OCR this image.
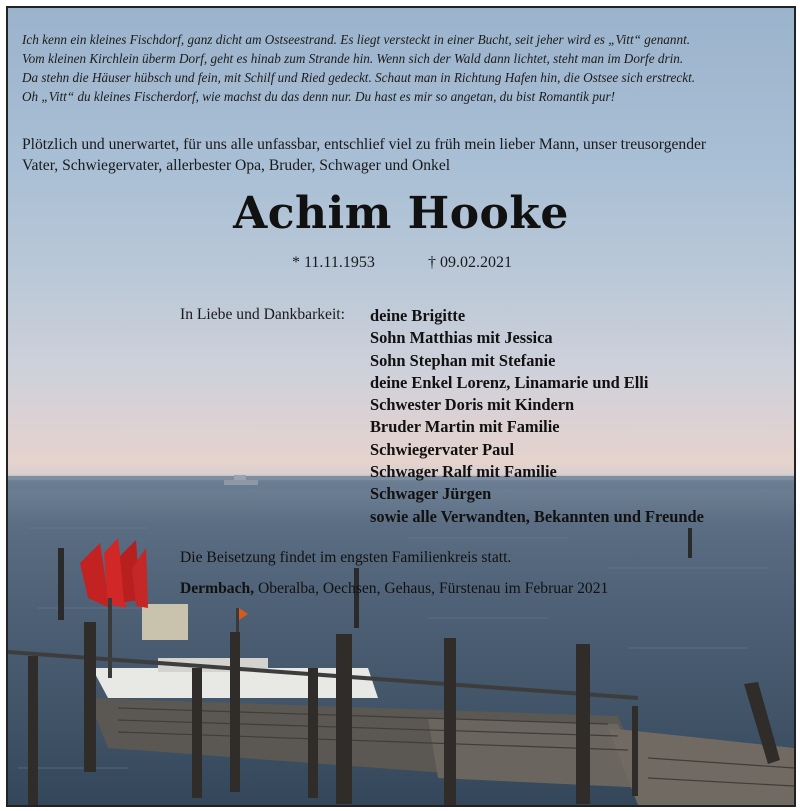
Ich kenn ein kleines Fischdorf, ganz dicht am Ostseestrand. Es liegt versteckt in einer Bucht, seit jeher wird es „Vitt“ genannt.
Vom kleinen Kirchlein überm Dorf, geht es hinab zum Strande hin. Wenn sich der Wald dann lichtet, steht man im Dorfe drin.
Da stehn die Häuser hübsch und fein, mit Schilf und Ried gedeckt. Schaut man in Richtung Hafen hin, die Ostsee sich erstreckt.
Oh „Vitt“ du kleines Fischerdorf, wie machst du das denn nur. Du hast es mir so angetan, du bist Romantik pur!
Plötzlich und unerwartet, für uns alle unfassbar, entschlief viel zu früh mein lieber Mann, unser treusorgender
Vater, Schwiegervater, allerbester Opa, Bruder, Schwager und Onkel
Achim Hooke
* 11.11.1953	† 09.02.2021
In Liebe und Dankbarkeit: deine Brigitte
Sohn Matthias mit Jessica
Sohn Stephan mit Stefanie
deine Enkel Lorenz, Linamarie und Elli
Schwester Doris mit Kindern
Bruder Martin mit Familie
Schwiegervater Paul
Schwager Ralf mit Familie
Schwager Jürgen
sowie alle Verwandten, Bekannten und Freunde
Die Beisetzung findet im engsten Familienkreis statt.
Dermbach, Oberalba, Oechsen, Gehaus, Fürstenau im Februar 2021
